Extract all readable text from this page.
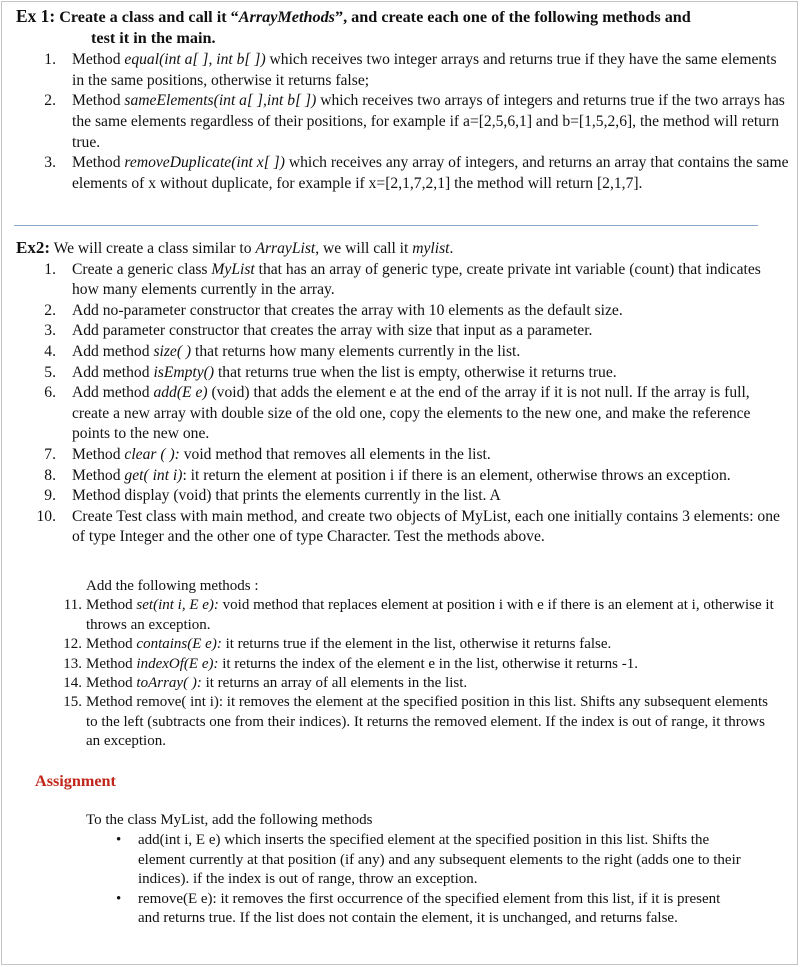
Ex 1: Create a class and call it “ArrayMethods”, and create each one of the following methods and
test it in the main.
1. Method equal(int a[ ], int b[ ]) which receives two integer arrays and returns true if they have the same elements in the same positions, otherwise it returns false;
2. Method sameElements(int a[ ],int b[ ]) which receives two arrays of integers and returns true if the two arrays has the same elements regardless of their positions, for example if a=[2,5,6,1] and b=[1,5,2,6], the method will return true.
3. Method removeDuplicate(int x[ ]) which receives any array of integers, and returns an array that contains the same elements of x without duplicate, for example if x=[2,1,7,2,1] the method will return [2,1,7].
Ex2: We will create a class similar to ArrayList, we will call it mylist.
1. Create a generic class MyList that has an array of generic type, create private int variable (count) that indicates how many elements currently in the array.
2. Add no-parameter constructor that creates the array with 10 elements as the default size.
3. Add parameter constructor that creates the array with size that input as a parameter.
4. Add method size( ) that returns how many elements currently in the list.
5. Add method isEmpty() that returns true when the list is empty, otherwise it returns true.
6. Add method add(E e) (void) that adds the element e at the end of the array if it is not null. If the array is full, create a new array with double size of the old one, copy the elements to the new one, and make the reference points to the new one.
7. Method clear ( ): void method that removes all elements in the list.
8. Method get( int i): it return the element at position i if there is an element, otherwise throws an exception.
9. Method display (void) that prints the elements currently in the list. A
10. Create Test class with main method, and create two objects of MyList, each one initially contains 3 elements: one of type Integer and the other one of type Character. Test the methods above.
Add the following methods :
11. Method set(int i, E e): void method that replaces element at position i with e if there is an element at i, otherwise it throws an exception.
12. Method contains(E e): it returns true if the element in the list, otherwise it returns false.
13. Method indexOf(E e): it returns the index of the element e in the list, otherwise it returns -1.
14. Method toArray( ): it returns an array of all elements in the list.
15. Method remove( int i): it removes the element at the specified position in this list. Shifts any subsequent elements to the left (subtracts one from their indices). It returns the removed element. If the index is out of range, it throws an exception.
Assignment
To the class MyList, add the following methods
• add(int i, E e) which inserts the specified element at the specified position in this list. Shifts the element currently at that position (if any) and any subsequent elements to the right (adds one to their indices). if the index is out of range, throw an exception.
• remove(E e): it removes the first occurrence of the specified element from this list, if it is present and returns true. If the list does not contain the element, it is unchanged, and returns false.
